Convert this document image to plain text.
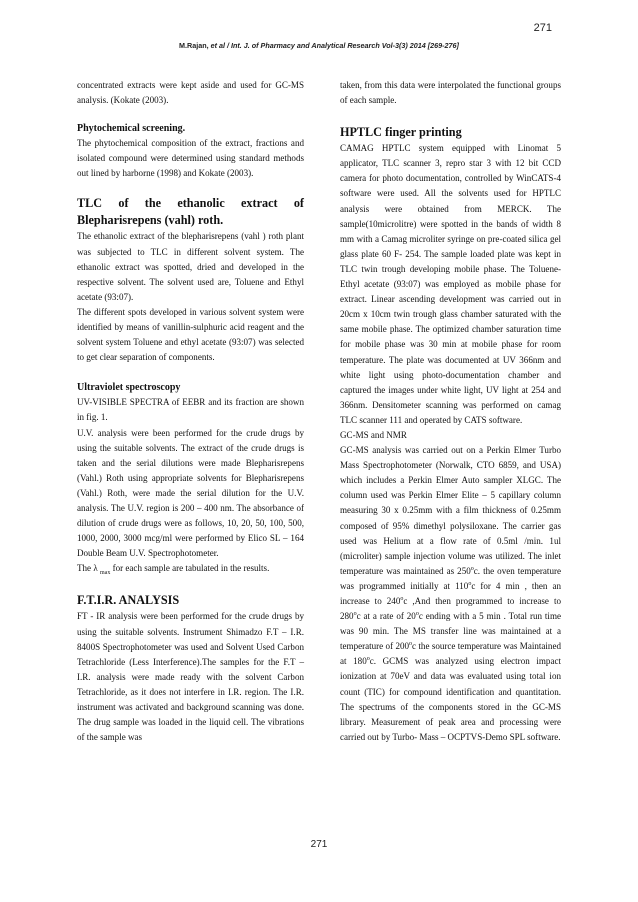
271
M.Rajan, et al / Int. J. of Pharmacy and Analytical Research Vol-3(3) 2014 [269-276]

concentrated extracts were kept aside and used for GC-MS analysis. (Kokate (2003).

Phytochemical screening.

The phytochemical composition of the extract, fractions and isolated compound were determined using standard methods out lined by harborne (1998) and Kokate (2003).

TLC of the ethanolic extract of Blepharisrepens (vahl) roth.

The ethanolic extract of the blepharisrepens (vahl ) roth plant was subjected to TLC in different solvent system. The ethanolic extract was spotted, dried and developed in the respective solvent. The solvent used are, Toluene and Ethyl acetate (93:07).

The different spots developed in various solvent system were identified by means of vanillin-sulphuric acid reagent and the solvent system Toluene and ethyl acetate (93:07) was selected to get clear separation of components.

Ultraviolet spectroscopy

UV-VISIBLE SPECTRA of EEBR and its fraction are shown in fig. 1.

U.V. analysis were been performed for the crude drugs by using the suitable solvents. The extract of the crude drugs is taken and the serial dilutions were made Blepharisrepens (Vahl.) Roth using appropriate solvents for Blepharisrepens (Vahl.) Roth, were made the serial dilution for the U.V. analysis. The U.V. region is 200 – 400 nm. The absorbance of dilution of crude drugs were as follows, 10, 20, 50, 100, 500, 1000, 2000, 3000 mcg/ml were performed by Elico SL – 164 Double Beam U.V. Spectrophotometer.

The λ $_{max}$ for each sample are tabulated in the results.

F.T.I.R. ANALYSIS

FT - IR analysis were been performed for the crude drugs by using the suitable solvents. Instrument Shimadzo F.T – I.R. 8400S Spectrophotometer was used and Solvent Used Carbon Tetrachloride (Less Interference).The samples for the F.T – I.R. analysis were made ready with the solvent Carbon Tetrachloride, as it does not interfere in I.R. region. The I.R. instrument was activated and background scanning was done. The drug sample was loaded in the liquid cell. The vibrations of the sample was

taken, from this data were interpolated the functional groups of each sample.

HPTLC finger printing

CAMAG HPTLC system equipped with Linomat 5 applicator, TLC scanner 3, repro star 3 with 12 bit CCD camera for photo documentation, controlled by WinCATS-4 software were used. All the solvents used for HPTLC analysis were obtained from MERCK. The sample(10microlitre) were spotted in the bands of width 8 mm with a Camag microliter syringe on pre-coated silica gel glass plate 60 F- 254. The sample loaded plate was kept in TLC twin trough developing mobile phase. The Toluene- Ethyl acetate (93:07) was employed as mobile phase for extract. Linear ascending development was carried out in 20cm x 10cm twin trough glass chamber saturated with the same mobile phase. The optimized chamber saturation time for mobile phase was 30 min at mobile phase for room temperature. The plate was documented at UV 366nm and white light using photo-documentation chamber and captured the images under white light, UV light at 254 and 366nm. Densitometer scanning was performed on camag TLC scanner 111 and operated by CATS software.

GC-MS and NMR

GC-MS analysis was carried out on a Perkin Elmer Turbo Mass Spectrophotometer (Norwalk, CTO 6859, and USA) which includes a Perkin Elmer Auto sampler XLGC. The column used was Perkin Elmer Elite – 5 capillary column measuring 30 x 0.25mm with a film thickness of 0.25mm composed of 95% dimethyl polysiloxane. The carrier gas used was Helium at a flow rate of 0.5ml /min. 1ul (microliter) sample injection volume was utilized. The inlet temperature was maintained as 250$^o$c. the oven temperature was programmed initially at 110$^o$c for 4 min , then an increase to 240$^o$c ,And then programmed to increase to 280$^o$c at a rate of 20$^o$c ending with a 5 min . Total run time was 90 min. The MS transfer line was maintained at a temperature of 200$^o$c the source temperature was Maintained at 180$^o$c. GCMS was analyzed using electron impact ionization at 70eV and data was evaluated using total ion count (TIC) for compound identification and quantitation. The spectrums of the components stored in the GC-MS library. Measurement of peak area and processing were carried out by Turbo- Mass – OCPTVS-Demo SPL software.

271
